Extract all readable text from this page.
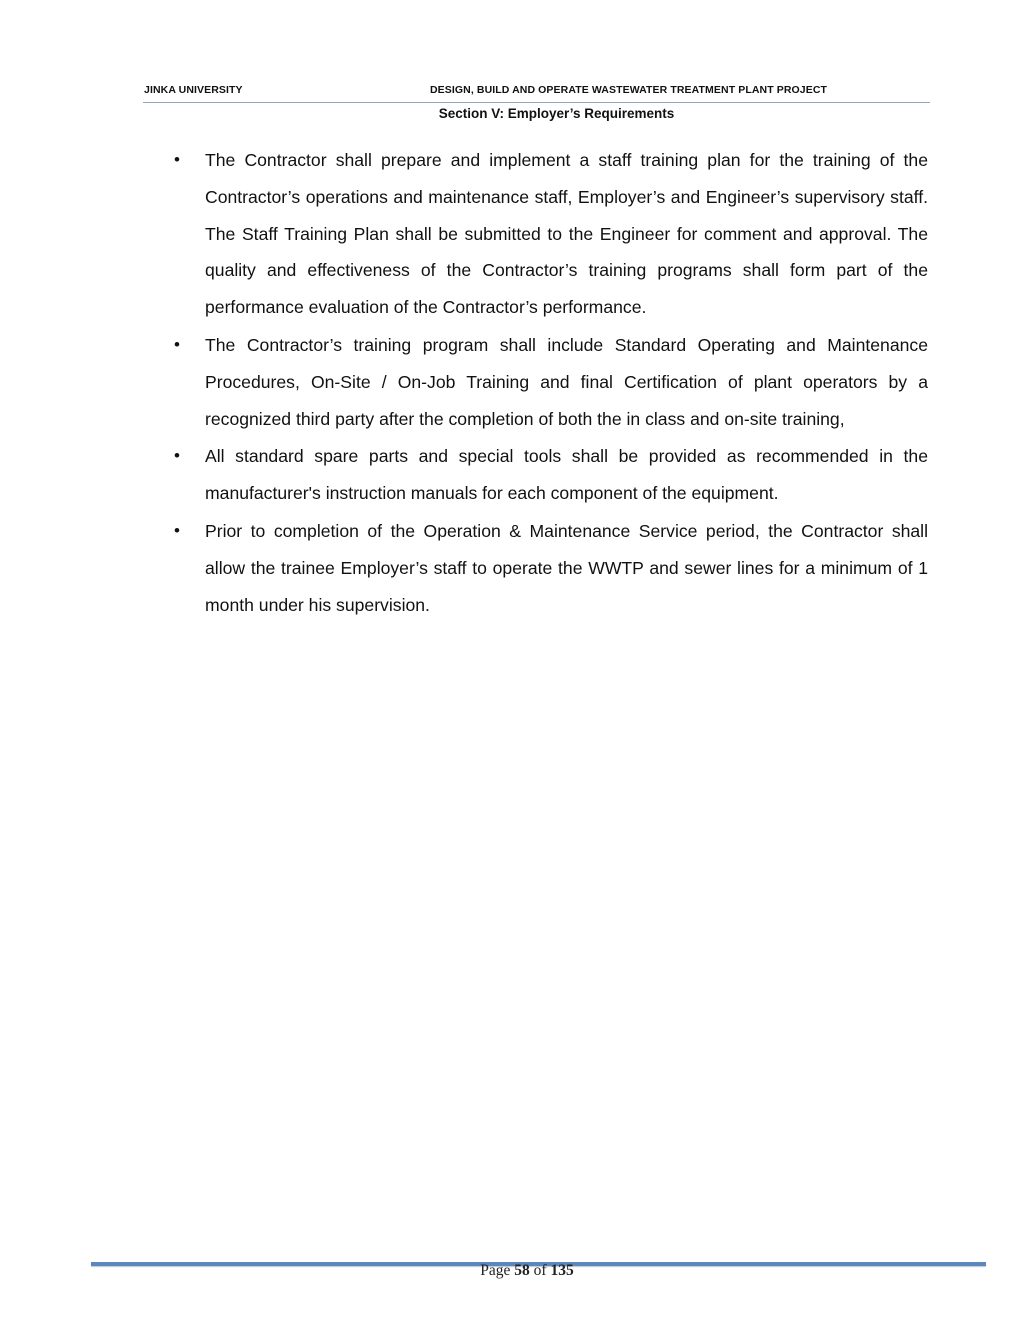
JINKA UNIVERSITY	DESIGN, BUILD AND OPERATE WASTEWATER TREATMENT PLANT PROJECT
Section V: Employer’s Requirements
• The Contractor shall prepare and implement a staff training plan for the training of the Contractor’s operations and maintenance staff, Employer’s and Engineer’s supervisory staff. The Staff Training Plan shall be submitted to the Engineer for comment and approval. The quality and effectiveness of the Contractor’s training programs shall form part of the performance evaluation of the Contractor’s performance.
• The Contractor’s training program shall include Standard Operating and Maintenance Procedures, On-Site / On-Job Training and final Certification of plant operators by a recognized third party after the completion of both the in class and on-site training,
• All standard spare parts and special tools shall be provided as recommended in the manufacturer's instruction manuals for each component of the equipment.
• Prior to completion of the Operation & Maintenance Service period, the Contractor shall allow the trainee Employer’s staff to operate the WWTP and sewer lines for a minimum of 1 month under his supervision.
Page 58 of 135
